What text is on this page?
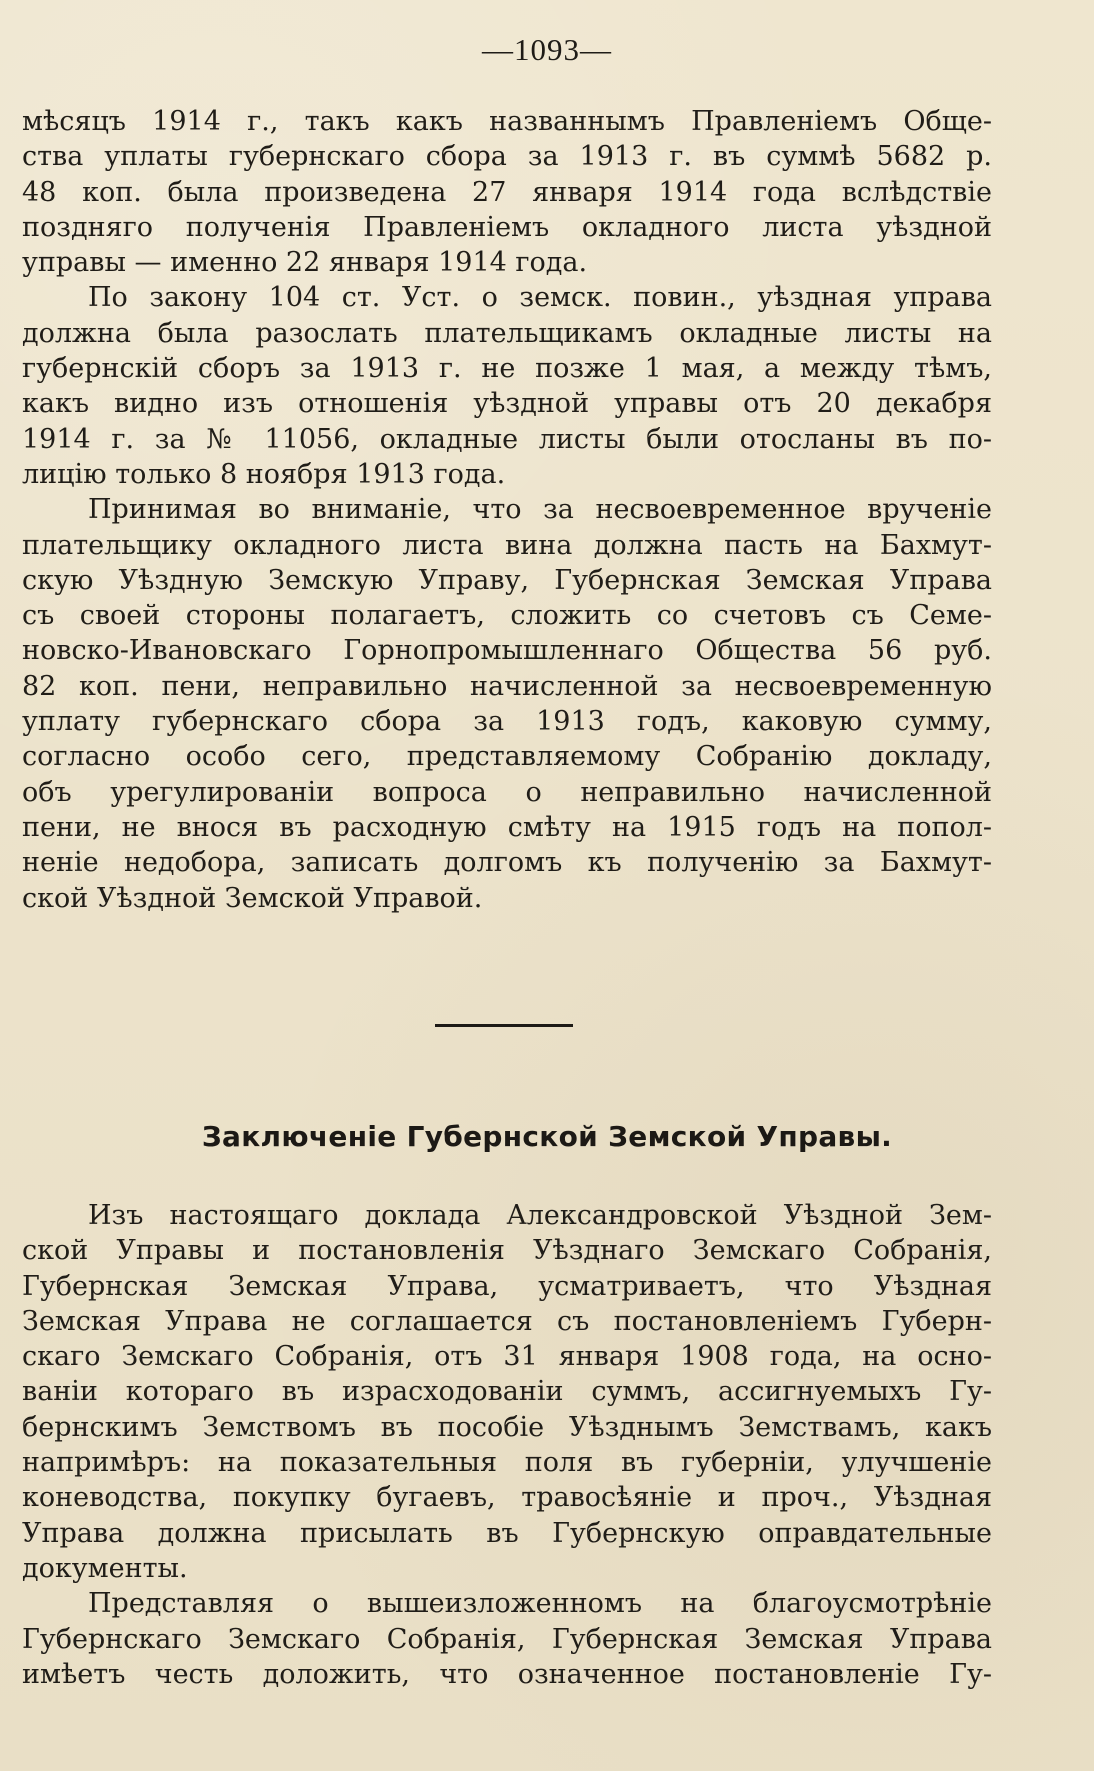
—1093—
мѣсяцъ 1914 г., такъ какъ названнымъ Правленіемъ Обще-
ства уплаты губернскаго сбора за 1913 г. въ суммѣ 5682 р.
48 коп. была произведена 27 января 1914 года вслѣдствіе
поздняго полученія Правленіемъ окладного листа уѣздной
управы — именно 22 января 1914 года.
По закону 104 ст. Уст. о земск. повин., уѣздная управа
должна была разослать плательщикамъ окладные листы на
губернскій сборъ за 1913 г. не позже 1 мая, а между тѣмъ,
какъ видно изъ отношенія уѣздной управы отъ 20 декабря
1914 г. за № 11056, окладные листы были отосланы въ по-
лицію только 8 ноября 1913 года.
Принимая во вниманіе, что за несвоевременное врученіе
плательщику окладного листа вина должна пасть на Бахмут-
скую Уѣздную Земскую Управу, Губернская Земская Управа
съ своей стороны полагаетъ, сложить со счетовъ съ Семе-
новско-Ивановскаго Горнопромышленнаго Общества 56 руб.
82 коп. пени, неправильно начисленной за несвоевременную
уплату губернскаго сбора за 1913 годъ, каковую сумму,
согласно особо сего, представляемому Собранію докладу,
объ урегулированіи вопроса о неправильно начисленной
пени, не внося въ расходную смѣту на 1915 годъ на попол-
неніе недобора, записать долгомъ къ полученію за Бахмут-
ской Уѣздной Земской Управой.
Заключеніе Губернской Земской Управы.
Изъ настоящаго доклада Александровской Уѣздной Зем-
ской Управы и постановленія Уѣзднаго Земскаго Собранія,
Губернская Земская Управа, усматриваетъ, что Уѣздная
Земская Управа не соглашается съ постановленіемъ Губерн-
скаго Земскаго Собранія, отъ 31 января 1908 года, на осно-
ваніи котораго въ израсходованіи суммъ, ассигнуемыхъ Гу-
бернскимъ Земствомъ въ пособіе Уѣзднымъ Земствамъ, какъ
напримѣръ: на показательныя поля въ губерніи, улучшеніе
коневодства, покупку бугаевъ, травосѣяніе и проч., Уѣздная
Управа должна присылать въ Губернскую оправдательные
документы.
Представляя о вышеизложенномъ на благоусмотрѣніе
Губернскаго Земскаго Собранія, Губернская Земская Управа
имѣетъ честь доложить, что означенное постановленіе Гу-
